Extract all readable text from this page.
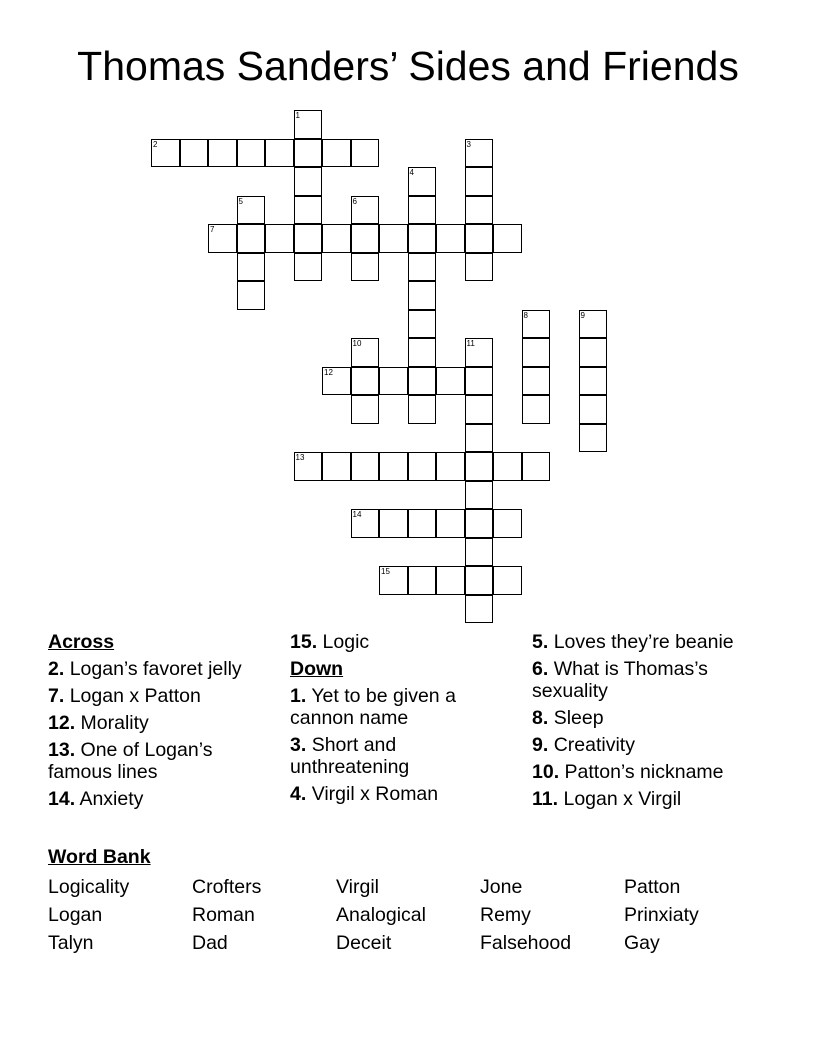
Thomas Sanders’ Sides and Friends
1
2	3
4
5	6
7
8	9
10	11
12
13
14
15
Across
2. Logan’s favoret jelly
7. Logan x Patton
12. Morality
13. One of Logan’s famous lines
14. Anxiety
15. Logic
Down
1. Yet to be given a cannon name
3. Short and unthreatening
4. Virgil x Roman
5. Loves they’re beanie
6. What is Thomas’s sexuality
8. Sleep
9. Creativity
10. Patton’s nickname
11. Logan x Virgil
Word Bank
Logicality	Crofters	Virgil	Jone	Patton
Logan	Roman	Analogical	Remy	Prinxiaty
Talyn	Dad	Deceit	Falsehood	Gay
